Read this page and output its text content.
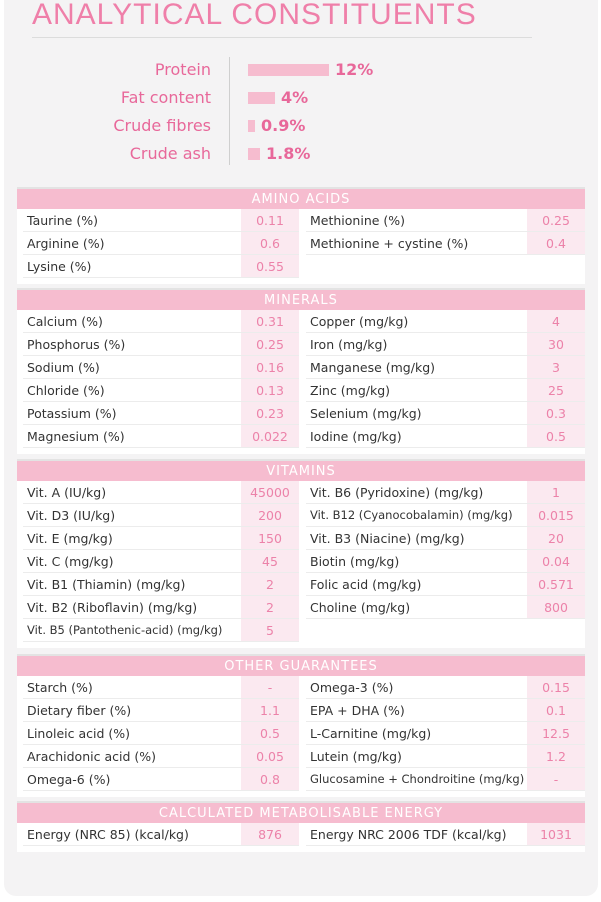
ANALYTICAL CONSTITUENTS
Protein	12%
Fat content	4%
Crude fibres	0.9%
Crude ash	1.8%
AMINO ACIDS
Taurine (%)	0.11
Arginine (%)	0.6
Lysine (%)	0.55
Methionine (%)	0.25
Methionine + cystine (%)	0.4
MINERALS
Calcium (%)	0.31
Phosphorus (%)	0.25
Sodium (%)	0.16
Chloride (%)	0.13
Potassium (%)	0.23
Magnesium (%)	0.022
Copper (mg/kg)	4
Iron (mg/kg)	30
Manganese (mg/kg)	3
Zinc (mg/kg)	25
Selenium (mg/kg)	0.3
Iodine (mg/kg)	0.5
VITAMINS
Vit. A (IU/kg)	45000
Vit. D3 (IU/kg)	200
Vit. E (mg/kg)	150
Vit. C (mg/kg)	45
Vit. B1 (Thiamin) (mg/kg)	2
Vit. B2 (Riboflavin) (mg/kg)	2
Vit. B5 (Pantothenic-acid) (mg/kg)	5
Vit. B6 (Pyridoxine) (mg/kg)	1
Vit. B12 (Cyanocobalamin) (mg/kg)	0.015
Vit. B3 (Niacine) (mg/kg)	20
Biotin (mg/kg)	0.04
Folic acid (mg/kg)	0.571
Choline (mg/kg)	800
OTHER GUARANTEES
Starch (%)	-
Dietary fiber (%)	1.1
Linoleic acid (%)	0.5
Arachidonic acid (%)	0.05
Omega-6 (%)	0.8
Omega-3 (%)	0.15
EPA + DHA (%)	0.1
L-Carnitine (mg/kg)	12.5
Lutein (mg/kg)	1.2
Glucosamine + Chondroitine (mg/kg)	-
CALCULATED METABOLISABLE ENERGY
Energy (NRC 85) (kcal/kg)	876	Energy NRC 2006 TDF (kcal/kg)	1031
